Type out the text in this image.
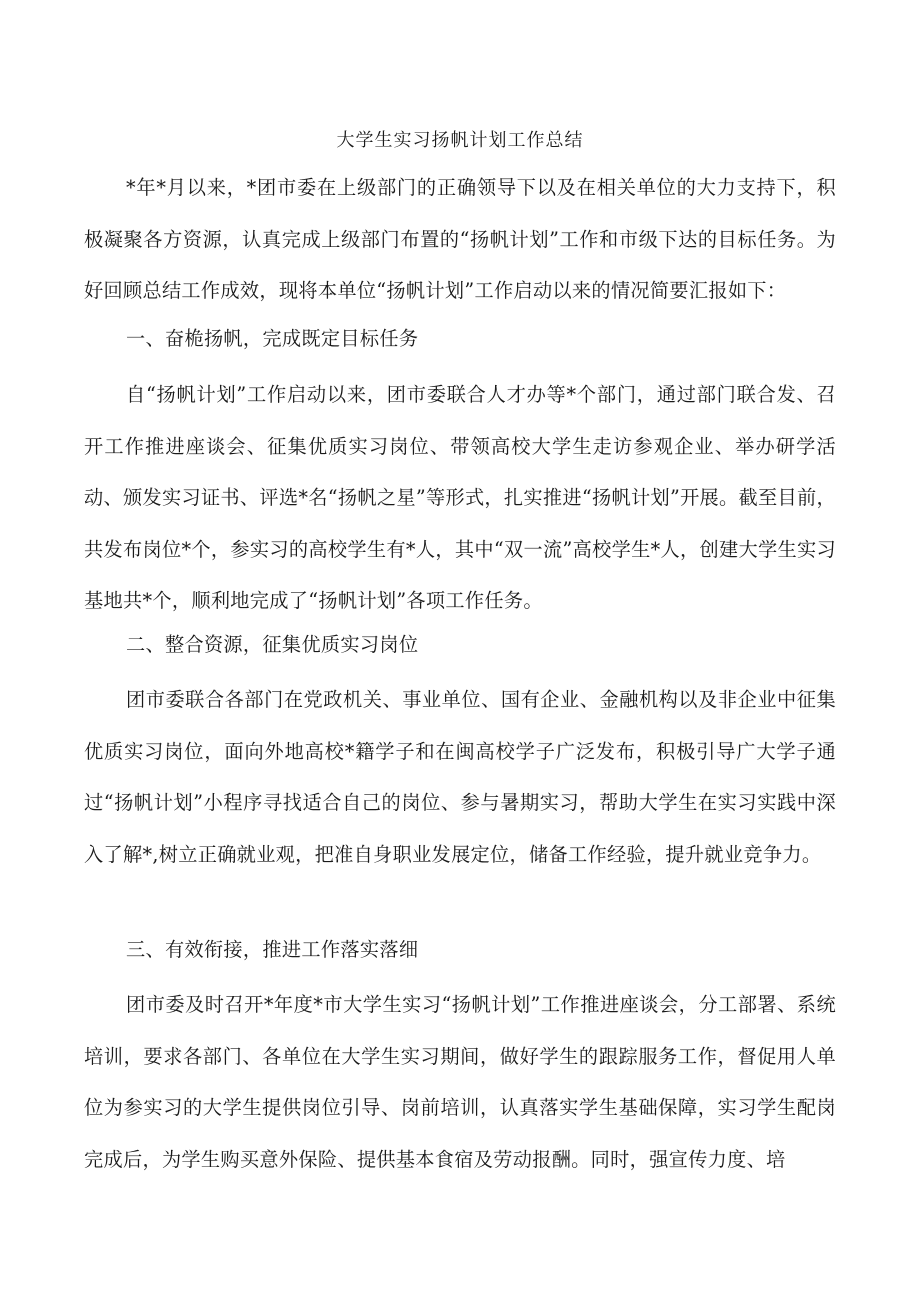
大学生实习扬帆计划工作总结
*年*月以来，*团市委在上级部门的正确领导下以及在相关单位的大力支持下，积极凝聚各方资源，认真完成上级部门布置的“扬帆计划”工作和市级下达的目标任务。为好回顾总结工作成效，现将本单位“扬帆计划”工作启动以来的情况简要汇报如下：
一、奋桅扬帆，完成既定目标任务
自“扬帆计划”工作启动以来，团市委联合人才办等*个部门，通过部门联合发、召开工作推进座谈会、征集优质实习岗位、带领高校大学生走访参观企业、举办研学活动、颁发实习证书、评选*名“扬帆之星”等形式，扎实推进“扬帆计划”开展。截至目前，共发布岗位*个，参实习的高校学生有*人，其中“双一流”高校学生*人，创建大学生实习基地共*个，顺利地完成了“扬帆计划”各项工作任务。
二、整合资源，征集优质实习岗位
团市委联合各部门在党政机关、事业单位、国有企业、金融机构以及非企业中征集优质实习岗位，面向外地高校*籍学子和在闽高校学子广泛发布，积极引导广大学子通过“扬帆计划”小程序寻找适合自己的岗位、参与暑期实习，帮助大学生在实习实践中深入了解*,树立正确就业观，把准自身职业发展定位，储备工作经验，提升就业竞争力。
三、有效衔接，推进工作落实落细
团市委及时召开*年度*市大学生实习“扬帆计划”工作推进座谈会，分工部署、系统培训，要求各部门、各单位在大学生实习期间，做好学生的跟踪服务工作，督促用人单位为参实习的大学生提供岗位引导、岗前培训，认真落实学生基础保障，实习学生配岗完成后，为学生购买意外保险、提供基本食宿及劳动报酬。同时，强宣传力度、培
